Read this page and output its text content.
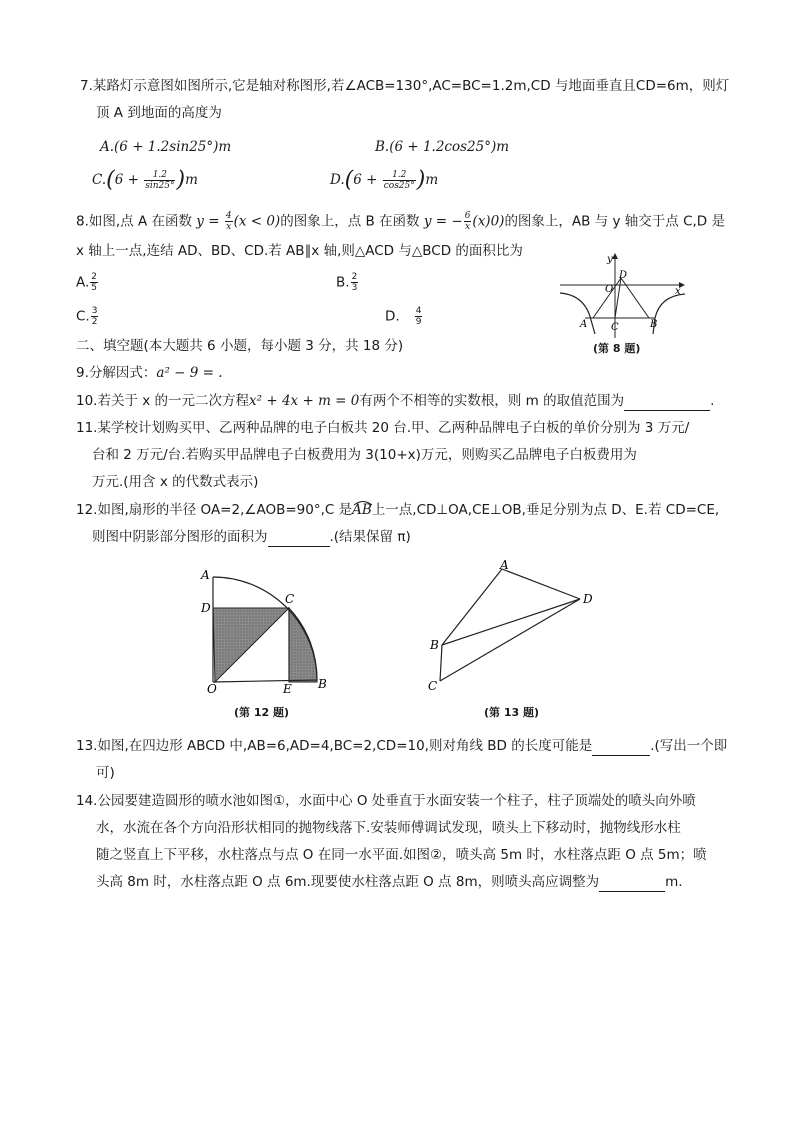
7.某路灯示意图如图所示,它是轴对称图形,若∠ACB=130°,AC=BC=1.2m,CD 与地面垂直且CD=6m，则灯
顶 A 到地面的高度为
A.(6 + 1.2sin25°)m	B.(6 + 1.2cos25°)m
$C.(6 + \frac{1.2}{\sin 25^\circ} )m$	$D.(6 + \frac{1.2}{\cos 25^\circ} )m$
8.如图,点 A 在函数 $y = \frac{4}{x} (x < 0)$的图象上，点 B 在函数 y = − $\frac{6}{x} (x)0$)的图象上，AB 与 y 轴交于点 C,D 是
x 轴上一点,连结 AD、BD、CD.若 AB∥x 轴,则△ACD 与△BCD 的面积比为
A. $\frac{2}{5}$	B. $\frac{2}{3}$
C. $\frac{3}{2}$	D. $\frac{4}{9}$
y
x
D
O
A C	B
(第 8 题)
二、填空题(本大题共 6 小题，每小题 3 分，共 18 分)
9.分解因式：a² − 9 = .
10.若关于 x 的一元二次方程x² + 4x + m = 0有两个不相等的实数根，则 m 的取值范围为	.
11.某学校计划购买甲、乙两种品牌的电子白板共 20 台.甲、乙两种品牌电子白板的单价分别为 3 万元/
台和 2 万元/台.若购买甲品牌电子白板费用为 3(10+x)万元，则购买乙品牌电子白板费用为
万元.(用含 x 的代数式表示)
12.如图,扇形的半径 OA=2,∠AOB=90°,C 是
AB上一点,CD⊥OA,CE⊥OB,垂足分别为点 D、E.若 CD=CE,
则图中阴影部分图形的面积为	.(结果保留 π)
A
D
C
O	E B
(第 12 题)
A
D
B
C
(第 13 题)
13.如图,在四边形 ABCD 中,AB=6,AD=4,BC=2,CD=10,则对角线 BD 的长度可能是	.(写出一个即
可)
14.公园要建造圆形的喷水池如图①，水面中心 O 处垂直于水面安装一个柱子，柱子顶端处的喷头向外喷
水，水流在各个方向沿形状相同的抛物线落下.安装师傅调试发现，喷头上下移动时，抛物线形水柱
随之竖直上下平移，水柱落点与点 O 在同一水平面.如图②，喷头高 5m 时，水柱落点距 O 点 5m；喷
头高 8m 时，水柱落点距 O 点 6m.现要使水柱落点距 O 点 8m，则喷头高应调整为	m.
